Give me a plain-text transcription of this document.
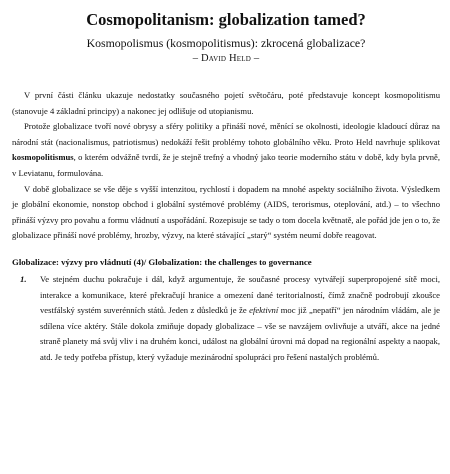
Cosmopolitanism: globalization tamed?
Kosmopolismus (kosmopolitismus): zkrocená globalizace?
– David Held –

V první části článku ukazuje nedostatky současného pojetí světočáru, poté představuje koncept kosmopolitismu (stanovuje 4 základní principy) a nakonec jej odlišuje od utopianismu.

Protože globalizace tvoří nové obrysy a sféry politiky a přináší nové, měnící se okolnosti, ideologie kladoucí důraz na národní stát (nacionalismus, patriotismus) nedokáží řešit problémy tohoto globálního věku. Proto Held navrhuje splikovat kosmopolitismus, o kterém odvážně tvrdí, že je stejně trefný a vhodný jako teorie moderního státu v době, kdy byla prvně, v Leviatanu, formulována.

V době globalizace se vše děje s vyšší intenzitou, rychlostí i dopadem na mnohé aspekty sociálního života. Výsledkem je globální ekonomie, nonstop obchod i globální systémové problémy (AIDS, terorismus, oteplování, atd.) – to všechno přináší výzvy pro povahu a formu vládnutí a uspořádání. Rozepisuje se tady o tom docela květnatě, ale pořád jde jen o to, že globalizace přináší nové problémy, hrozby, výzvy, na které stávající „starý“ systém neumí dobře reagovat.

Globalizace: výzvy pro vládnutí (4)/ Globalization: the challenges to governance
1.	Ve stejném duchu pokračuje i dál, když argumentuje, že současné procesy vytvářejí superpropojené sítě moci, interakce a komunikace, které překračují hranice a omezení dané teritorialností, čímž značně podrobují zkoušce vestfálský systém suverénních států. Jeden z důsledků je že efektivní moc již „nepatří“ jen národním vládám, ale je sdílena více aktéry. Stále dokola zmiňuje dopady globalizace – vše se navzájem ovlivňuje a utváří, akce na jedné straně planety má svůj vliv i na druhém konci, událost na globální úrovni má dopad na regionální aspekty a naopak, atd. Je tedy potřeba přístup, který vyžaduje mezinárodní spolupráci pro řešení nastalých problémů.
